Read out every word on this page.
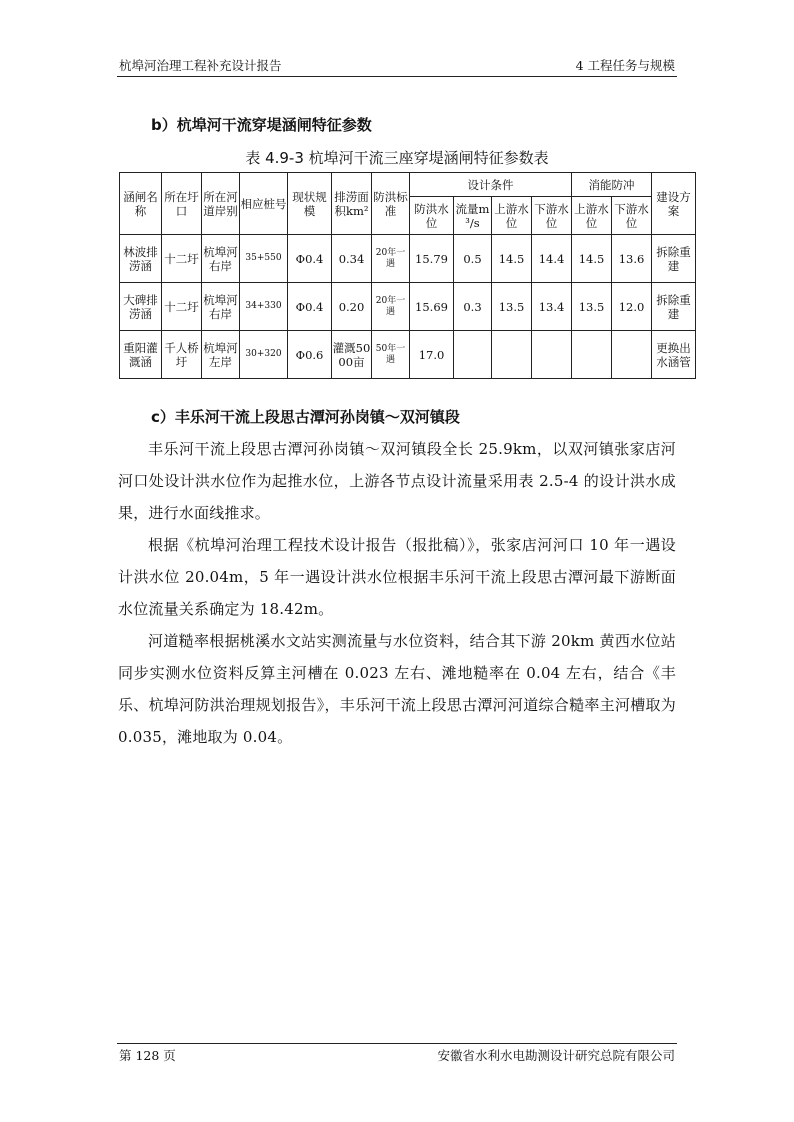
杭埠河治理工程补充设计报告	4 工程任务与规模
b）杭埠河干流穿堤涵闸特征参数
表 4.9-3 杭埠河干流三座穿堤涵闸特征参数表
涵闸名称	所在圩口	所在河道岸别	相应桩号	现状规模	排涝面积km²	防洪标准	设计条件				消能防冲		建设方案
							防洪水位	流量m³/s	上游水位	下游水位	上游水位	下游水位	
林波排涝涵	十二圩	杭埠河右岸	35+550	Φ0.4	0.34	20年一遇	15.79	0.5	14.5	14.4	14.5	13.6	拆除重建
大碑排涝涵	十二圩	杭埠河右岸	34+330	Φ0.4	0.20	20年一遇	15.69	0.3	13.5	13.4	13.5	12.0	拆除重建
重阳灌溉涵	千人桥圩	杭埠河左岸	30+320	Φ0.6	灌溉5000亩	50年一遇	17.0						更换出水涵管
c）丰乐河干流上段思古潭河孙岗镇～双河镇段

丰乐河干流上段思古潭河孙岗镇～双河镇段全长 25.9km，以双河镇张家店河河口处设计洪水位作为起推水位，上游各节点设计流量采用表 2.5-4 的设计洪水成果，进行水面线推求。

根据《杭埠河治理工程技术设计报告（报批稿）》，张家店河河口 10 年一遇设计洪水位 20.04m，5 年一遇设计洪水位根据丰乐河干流上段思古潭河最下游断面水位流量关系确定为 18.42m。

河道糙率根据桃溪水文站实测流量与水位资料，结合其下游 20km 黄西水位站同步实测水位资料反算主河槽在 0.023 左右、滩地糙率在 0.04 左右，结合《丰乐、杭埠河防洪治理规划报告》，丰乐河干流上段思古潭河河道综合糙率主河槽取为 0.035，滩地取为 0.04。

第 128 页	安徽省水利水电勘测设计研究总院有限公司
